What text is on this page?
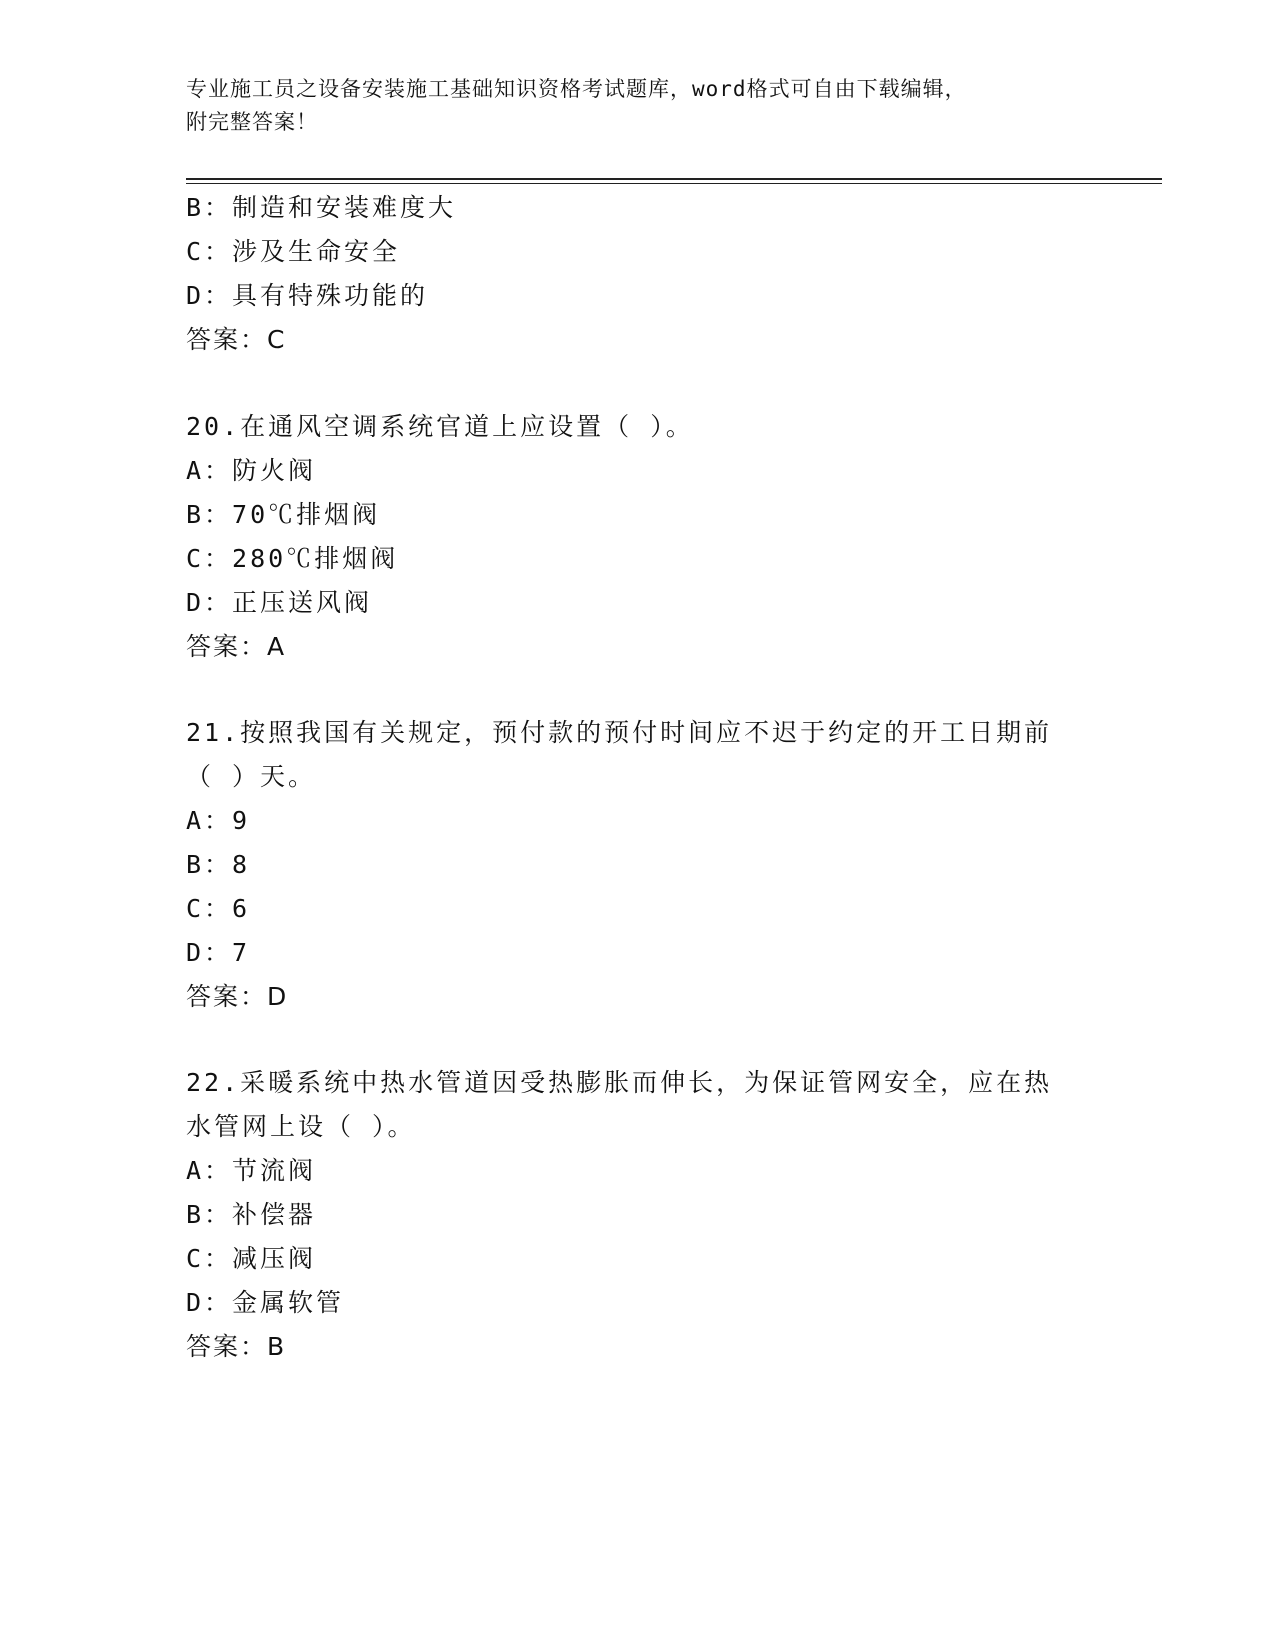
专业施工员之设备安装施工基础知识资格考试题库，word格式可自由下载编辑，
附完整答案！
B：制造和安装难度大
C：涉及生命安全
D：具有特殊功能的
答案：C
20.在通风空调系统官道上应设置（ ）。
A：防火阀
B：70℃排烟阀
C：280℃排烟阀
D：正压送风阀
答案：A
21.按照我国有关规定，预付款的预付时间应不迟于约定的开工日期前
（ ）天。
A：9
B：8
C：6
D：7
答案：D
22.采暖系统中热水管道因受热膨胀而伸长，为保证管网安全，应在热
水管网上设（ ）。
A：节流阀
B：补偿器
C：减压阀
D：金属软管
答案：B
